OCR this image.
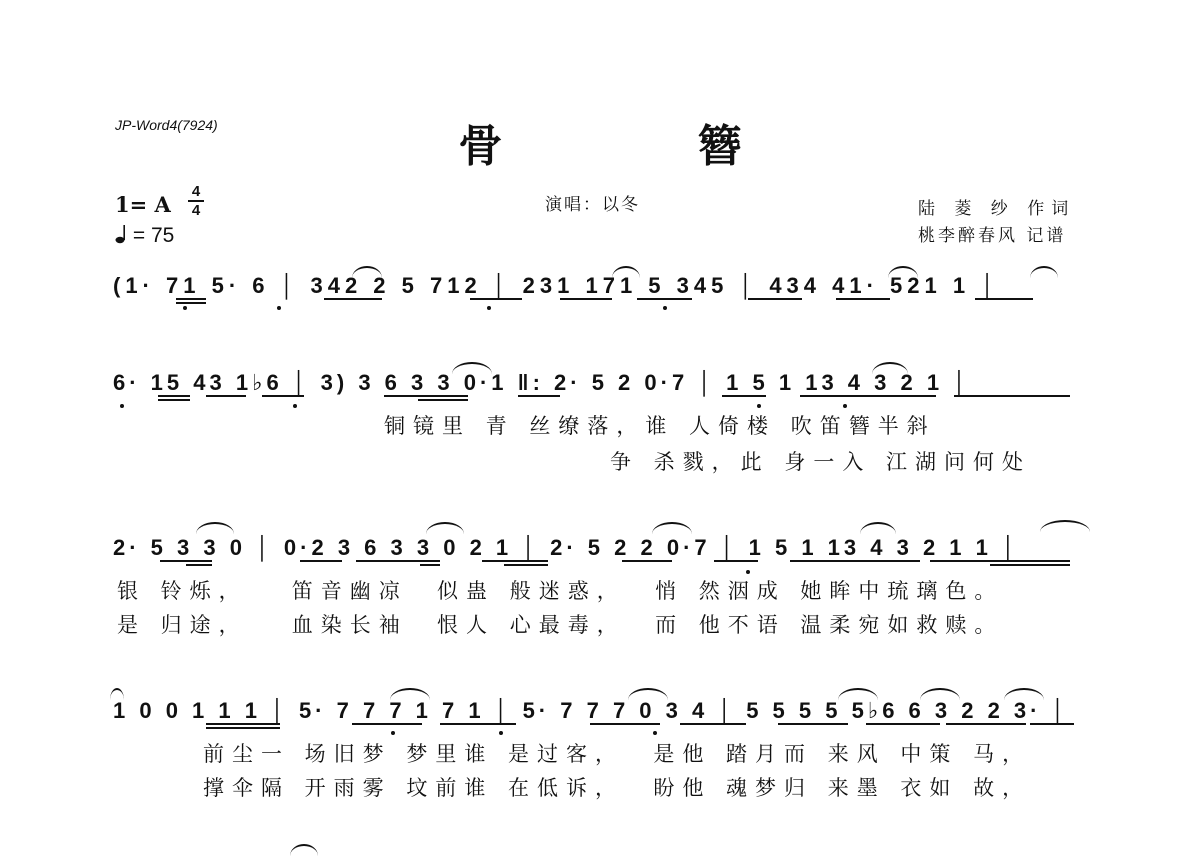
JP-Word4(7924)	骨 簪
1= A
4
4
= 75
演唱：以冬	陆 菱 纱 作词
桃李醉春风 记谱
(1· 71 5· 6 │ 342 2 5 712 │ 231 171 5 345 │ 434 41· 521 1 │
6· 15 43 1♭6 │ 3) 3 6 3 3 0·1 ‖: 2· 5 2 0·7 │ 1 5 1 13 4 3 2 1 │
铜镜里 青 丝缭落，谁 人倚楼 吹笛簪半斜
争 杀戮，此 身一入 江湖问何处
2· 5 3 3 0 │ 0·2 3 6 3 3 0 2 1 │ 2· 5 2 2 0·7 │ 1 5 1 13 4 3 2 1 1 │
银 铃烁，   笛音幽凉  似蛊 般迷惑，  悄 然洇成 她眸中琉璃色。
是 归途，   血染长袖  恨人 心最毒，  而 他不语 温柔宛如救赎。
1 0 0 1 1 1 │ 5· 7 7 7 1 7 1 │ 5· 7 7 7 0 3 4 │ 5 5 5 5 5♭6 6 3 2 2 3· │
前尘一 场旧梦 梦里谁 是过客，  是他 踏月而 来风 中策 马，
撑伞隔 开雨雾 坟前谁 在低诉，  盼他 魂梦归 来墨 衣如 故，
